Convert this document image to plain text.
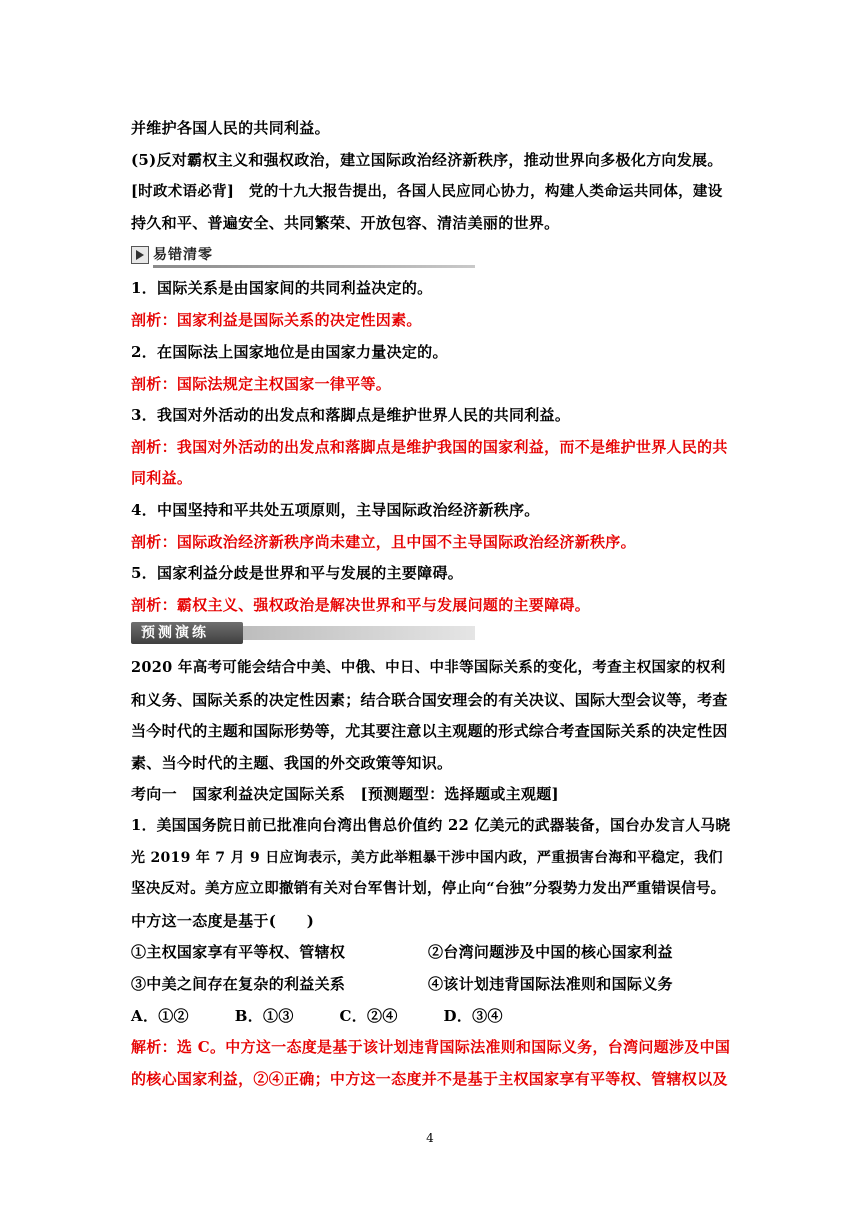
并维护各国人民的共同利益。
(5)反对霸权主义和强权政治，建立国际政治经济新秩序，推动世界向多极化方向发展。
[时政术语必背]　党的十九大报告提出，各国人民应同心协力，构建人类命运共同体，建设
持久和平、普遍安全、共同繁荣、开放包容、清洁美丽的世界。
易错清零
1．国际关系是由国家间的共同利益决定的。
剖析：国家利益是国际关系的决定性因素。
2．在国际法上国家地位是由国家力量决定的。
剖析：国际法规定主权国家一律平等。
3．我国对外活动的出发点和落脚点是维护世界人民的共同利益。
剖析：我国对外活动的出发点和落脚点是维护我国的国家利益，而不是维护世界人民的共
同利益。
4．中国坚持和平共处五项原则，主导国际政治经济新秩序。
剖析：国际政治经济新秩序尚未建立，且中国不主导国际政治经济新秩序。
5．国家利益分歧是世界和平与发展的主要障碍。
剖析：霸权主义、强权政治是解决世界和平与发展问题的主要障碍。
预测演练
2020 年高考可能会结合中美、中俄、中日、中非等国际关系的变化，考查主权国家的权利
和义务、国际关系的决定性因素；结合联合国安理会的有关决议、国际大型会议等，考查
当今时代的主题和国际形势等，尤其要注意以主观题的形式综合考查国际关系的决定性因
素、当今时代的主题、我国的外交政策等知识。
考向一　国家利益决定国际关系　[预测题型：选择题或主观题]
1．美国国务院日前已批准向台湾出售总价值约 22 亿美元的武器装备，国台办发言人马晓
光 2019 年 7 月 9 日应询表示，美方此举粗暴干涉中国内政，严重损害台海和平稳定，我们
坚决反对。美方应立即撤销有关对台军售计划，停止向“台独”分裂势力发出严重错误信号。
中方这一态度是基于(　　)
①主权国家享有平等权、管辖权	②台湾问题涉及中国的核心国家利益
③中美之间存在复杂的利益关系	④该计划违背国际法准则和国际义务
A．①②　　　B．①③　　　C．②④　　　D．③④
解析：选 C。中方这一态度是基于该计划违背国际法准则和国际义务，台湾问题涉及中国
的核心国家利益，②④正确；中方这一态度并不是基于主权国家享有平等权、管辖权以及
4
